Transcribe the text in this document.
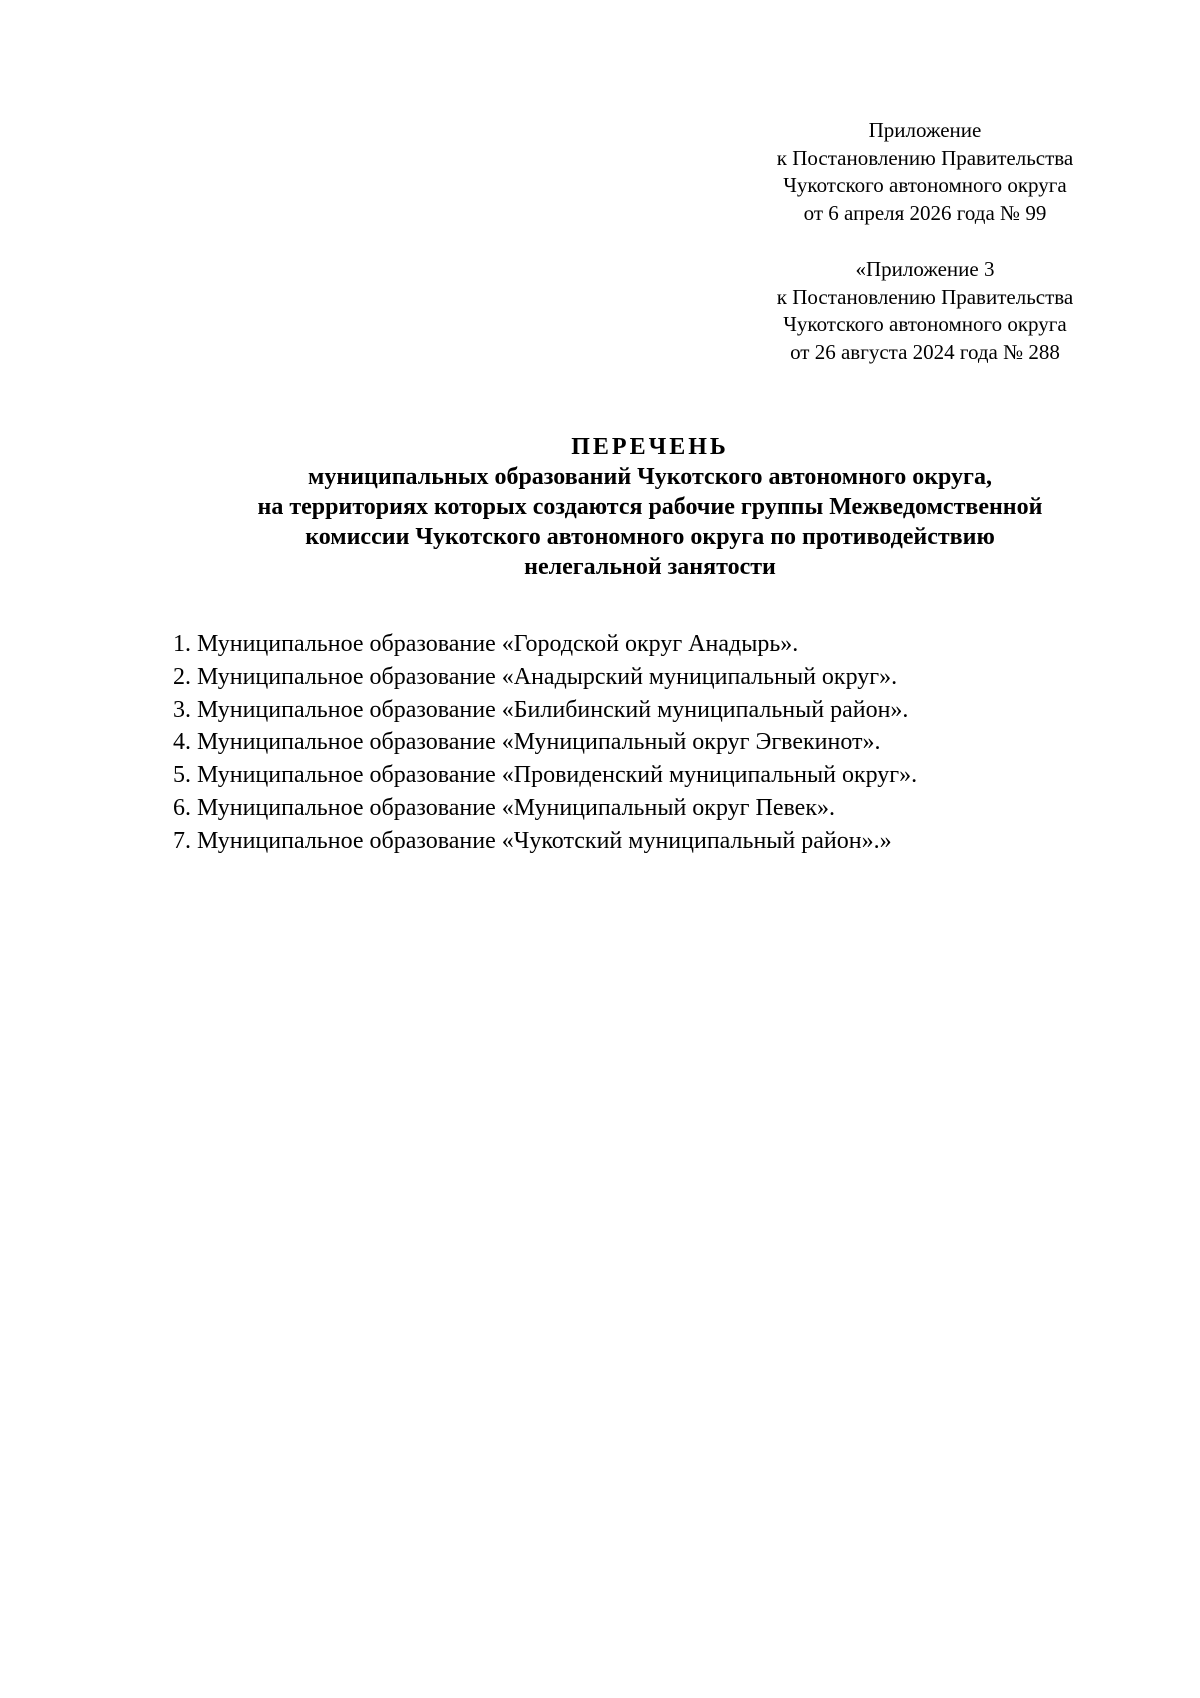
Приложение
к Постановлению Правительства
Чукотского автономного округа
от 6 апреля 2026 года № 99
«Приложение 3
к Постановлению Правительства
Чукотского автономного округа
от 26 августа 2024 года № 288
ПЕРЕЧЕНЬ
муниципальных образований Чукотского автономного округа,
на территориях которых создаются рабочие группы Межведомственной
комиссии Чукотского автономного округа по противодействию
нелегальной занятости
1. Муниципальное образование «Городской округ Анадырь».
2. Муниципальное образование «Анадырский муниципальный округ».
3. Муниципальное образование «Билибинский муниципальный район».
4. Муниципальное образование «Муниципальный округ Эгвекинот».
5. Муниципальное образование «Провиденский муниципальный округ».
6. Муниципальное образование «Муниципальный округ Певек».
7. Муниципальное образование «Чукотский муниципальный район».»
